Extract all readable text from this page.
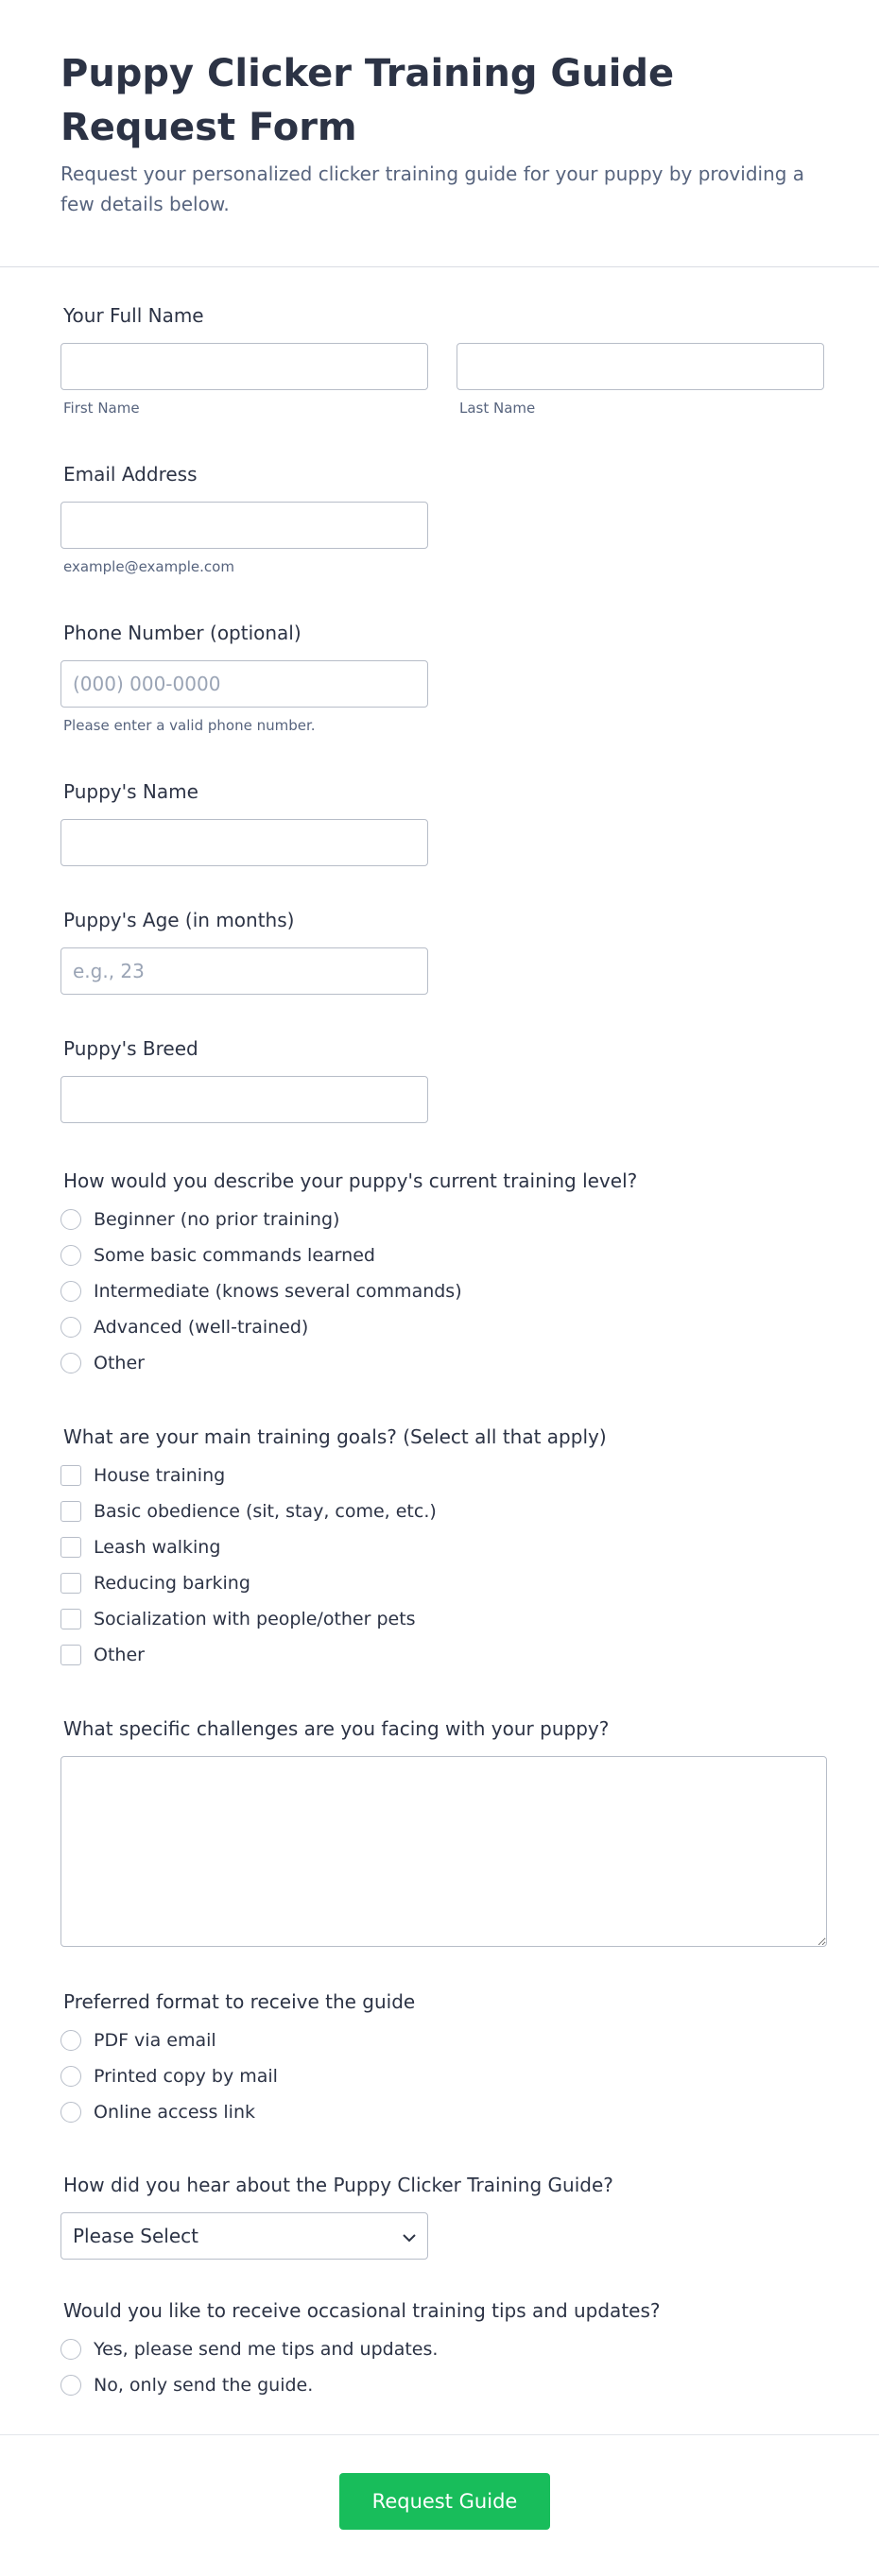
Puppy Clicker Training Guide Request Form
Request your personalized clicker training guide for your puppy by providing a few details below.
Your Full Name
First Name	Last Name
Email Address
example@example.com
Phone Number (optional)
(000) 000-0000
Please enter a valid phone number.
Puppy's Name
Puppy's Age (in months)
e.g., 23
Puppy's Breed
How would you describe your puppy's current training level?
Beginner (no prior training)
Some basic commands learned
Intermediate (knows several commands)
Advanced (well-trained)
Other
What are your main training goals? (Select all that apply)
House training
Basic obedience (sit, stay, come, etc.)
Leash walking
Reducing barking
Socialization with people/other pets
Other
What specific challenges are you facing with your puppy?
Preferred format to receive the guide
PDF via email
Printed copy by mail
Online access link
How did you hear about the Puppy Clicker Training Guide?
Please Select
Would you like to receive occasional training tips and updates?
Yes, please send me tips and updates.
No, only send the guide.
Request Guide
